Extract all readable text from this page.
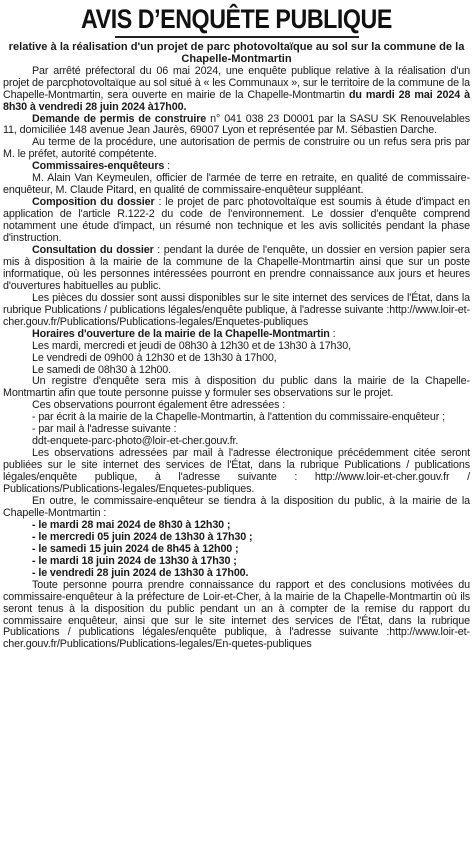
AVIS D’ENQUÊTE PUBLIQUE
relative à la réalisation d'un projet de parc photovoltaïque au sol sur la commune de la Chapelle-Montmartin

Par arrêté préfectoral du 06 mai 2024, une enquête publique relative à la réalisation d'un projet de parcphotovoltaïque au sol situé à « les Communaux », sur le territoire de la commune de la Chapelle-Montmartin, sera ouverte en mairie de la Chapelle-Montmartin du mardi 28 mai 2024 à 8h30 à vendredi 28 juin 2024 à17h00.

Demande de permis de construire n° 041 038 23 D0001 par la SASU SK Renouvelables 11, domiciliée 148 avenue Jean Jaurès, 69007 Lyon et représentée par M. Sébastien Darche.

Au terme de la procédure, une autorisation de permis de construire ou un refus sera pris par M. le préfet, autorité compétente.

Commissaires-enquêteurs :

M. Alain Van Keymeulen, officier de l'armée de terre en retraite, en qualité de commissaire-enquêteur, M. Claude Pitard, en qualité de commissaire-enquêteur suppléant.

Composition du dossier : le projet de parc photovoltaïque est soumis à étude d'impact en application de l'article R.122-2 du code de l'environnement. Le dossier d'enquête comprend notamment une étude d'impact, un résumé non technique et les avis sollicités pendant la phase d'instruction.

Consultation du dossier : pendant la durée de l'enquête, un dossier en version papier sera mis à disposition à la mairie de la commune de la Chapelle-Montmartin ainsi que sur un poste informatique, où les personnes intéressées pourront en prendre connaissance aux jours et heures d'ouvertures habituelles au public.

Les pièces du dossier sont aussi disponibles sur le site internet des services de l'État, dans la rubrique Publications / publications légales/enquête publique, à l'adresse suivante :http://www.loir-et-cher.gouv.fr/Publications/Publications-legales/Enquetes-publiques

Horaires d'ouverture de la mairie de la Chapelle-Montmartin :

Les mardi, mercredi et jeudi de 08h30 à 12h30 et de 13h30 à 17h30,
Le vendredi de 09h00 à 12h30 et de 13h30 à 17h00,
Le samedi de 08h30 à 12h00.

Un registre d'enquête sera mis à disposition du public dans la mairie de la Chapelle-Montmartin afin que toute personne puisse y formuler ses observations sur le projet.

Ces observations pourront également être adressées :

- par écrit à la mairie de la Chapelle-Montmartin, à l'attention du commissaire-enquêteur ;

- par mail à l'adresse suivante :
ddt-enquete-parc-photo@loir-et-cher.gouv.fr.

Les observations adressées par mail à l'adresse électronique précédemment citée seront publiées sur le site internet des services de l'État, dans la rubrique Publications / publications légales/enquête publique, à l'adresse suivante : http://www.loir-et-cher.gouv.fr / Publications/Publications-legales/Enquetes-publiques.

En outre, le commissaire-enquêteur se tiendra à la disposition du public, à la mairie de la Chapelle-Montmartin :

- le mardi 28 mai 2024 de 8h30 à 12h30 ;
- le mercredi 05 juin 2024 de 13h30 à 17h30 ;
- le samedi 15 juin 2024 de 8h45 à 12h00 ;
- le mardi 18 juin 2024 de 13h30 à 17h30 ;
- le vendredi 28 juin 2024 de 13h30 à 17h00.

Toute personne pourra prendre connaissance du rapport et des conclusions motivées du commissaire-enquêteur à la préfecture de Loir-et-Cher, à la mairie de la Chapelle-Montmartin où ils seront tenus à la disposition du public pendant un an à compter de la remise du rapport du commissaire enquêteur, ainsi que sur le site internet des services de l'État, dans la rubrique Publications / publications légales/enquête publique, à l'adresse suivante :http://www.loir-et-cher.gouv.fr/Publications/Publications-legales/En-quetes-publiques
